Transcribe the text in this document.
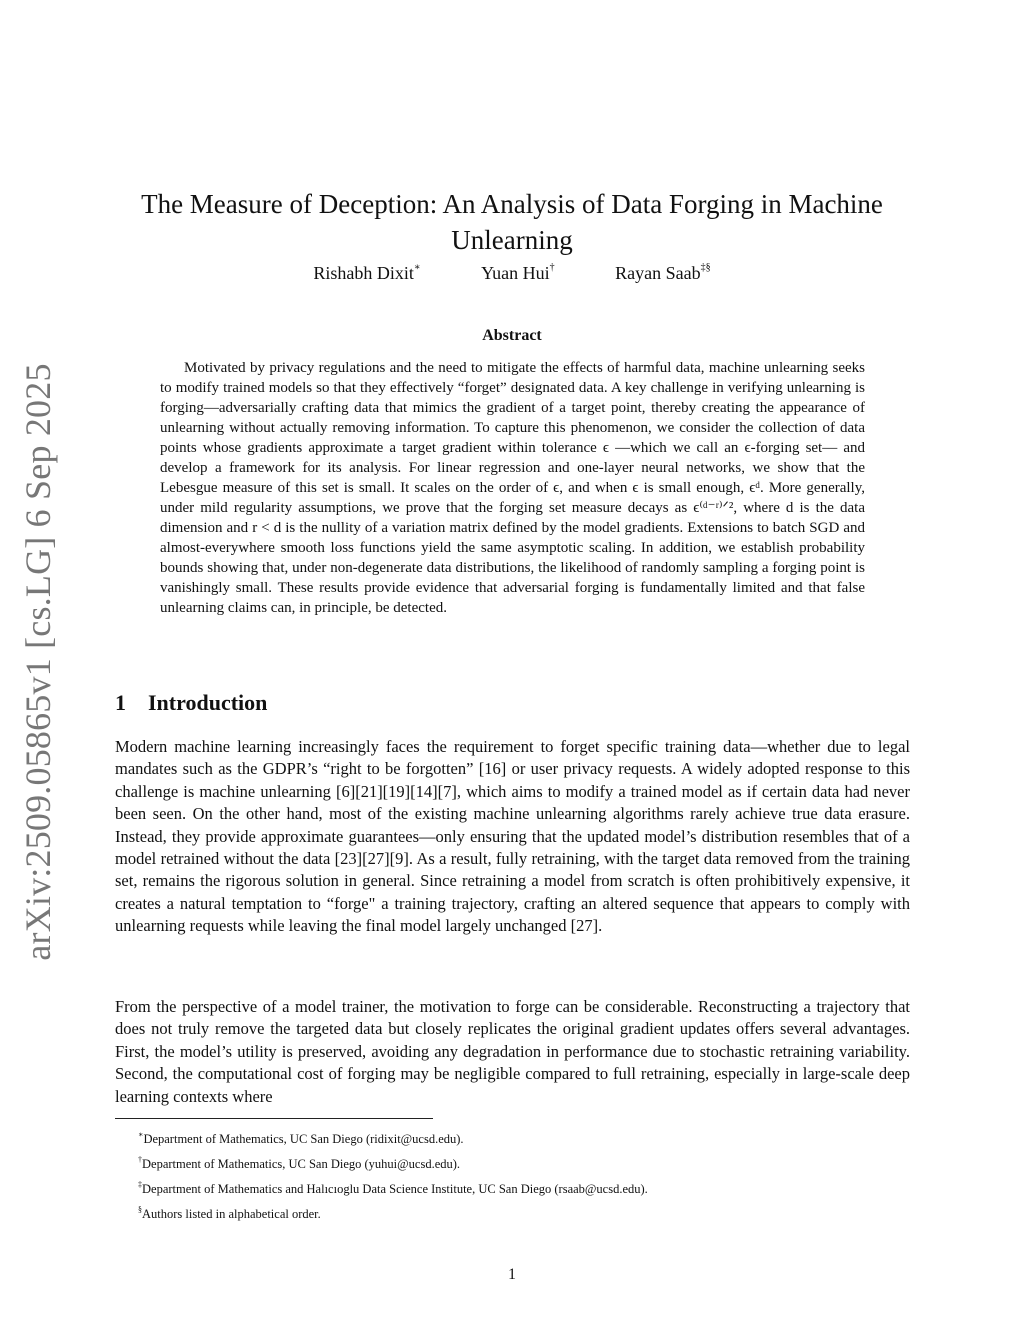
arXiv:2509.05865v1 [cs.LG] 6 Sep 2025
The Measure of Deception: An Analysis of Data Forging in Machine Unlearning
Rishabh Dixit∗	Yuan Hui†	Rayan Saab‡§
Abstract

Motivated by privacy regulations and the need to mitigate the effects of harmful data, machine unlearning seeks to modify trained models so that they effectively “forget” designated data. A key challenge in verifying unlearning is forging—adversarially crafting data that mimics the gradient of a target point, thereby creating the appearance of unlearning without actually removing information. To capture this phenomenon, we consider the collection of data points whose gradients approximate a target gradient within tolerance ϵ —which we call an ϵ-forging set— and develop a framework for its analysis. For linear regression and one-layer neural networks, we show that the Lebesgue measure of this set is small. It scales on the order of ϵ, and when ϵ is small enough, ϵᵈ. More generally, under mild regularity assumptions, we prove that the forging set measure decays as ϵ⁽ᵈ⁻ʳ⁾ᐟ², where d is the data dimension and r < d is the nullity of a variation matrix defined by the model gradients. Extensions to batch SGD and almost-everywhere smooth loss functions yield the same asymptotic scaling. In addition, we establish probability bounds showing that, under non-degenerate data distributions, the likelihood of randomly sampling a forging point is vanishingly small. These results provide evidence that adversarial forging is fundamentally limited and that false unlearning claims can, in principle, be detected.

1 Introduction

Modern machine learning increasingly faces the requirement to forget specific training data—whether due to legal mandates such as the GDPR’s “right to be forgotten” [16] or user privacy requests. A widely adopted response to this challenge is machine unlearning [6][21][19][14][7], which aims to modify a trained model as if certain data had never been seen. On the other hand, most of the existing machine unlearning algorithms rarely achieve true data erasure. Instead, they provide approximate guarantees—only ensuring that the updated model’s distribution resembles that of a model retrained without the data [23][27][9]. As a result, fully retraining, with the target data removed from the training set, remains the rigorous solution in general. Since retraining a model from scratch is often prohibitively expensive, it creates a natural temptation to “forge" a training trajectory, crafting an altered sequence that appears to comply with unlearning requests while leaving the final model largely unchanged [27].

From the perspective of a model trainer, the motivation to forge can be considerable. Reconstructing a trajectory that does not truly remove the targeted data but closely replicates the original gradient updates offers several advantages. First, the model’s utility is preserved, avoiding any degradation in performance due to stochastic retraining variability. Second, the computational cost of forging may be negligible compared to full retraining, especially in large-scale deep learning contexts where

∗Department of Mathematics, UC San Diego (ridixit@ucsd.edu).
†Department of Mathematics, UC San Diego (yuhui@ucsd.edu).
‡Department of Mathematics and Halıcıoglu Data Science Institute, UC San Diego (rsaab@ucsd.edu).
§Authors listed in alphabetical order.
1
